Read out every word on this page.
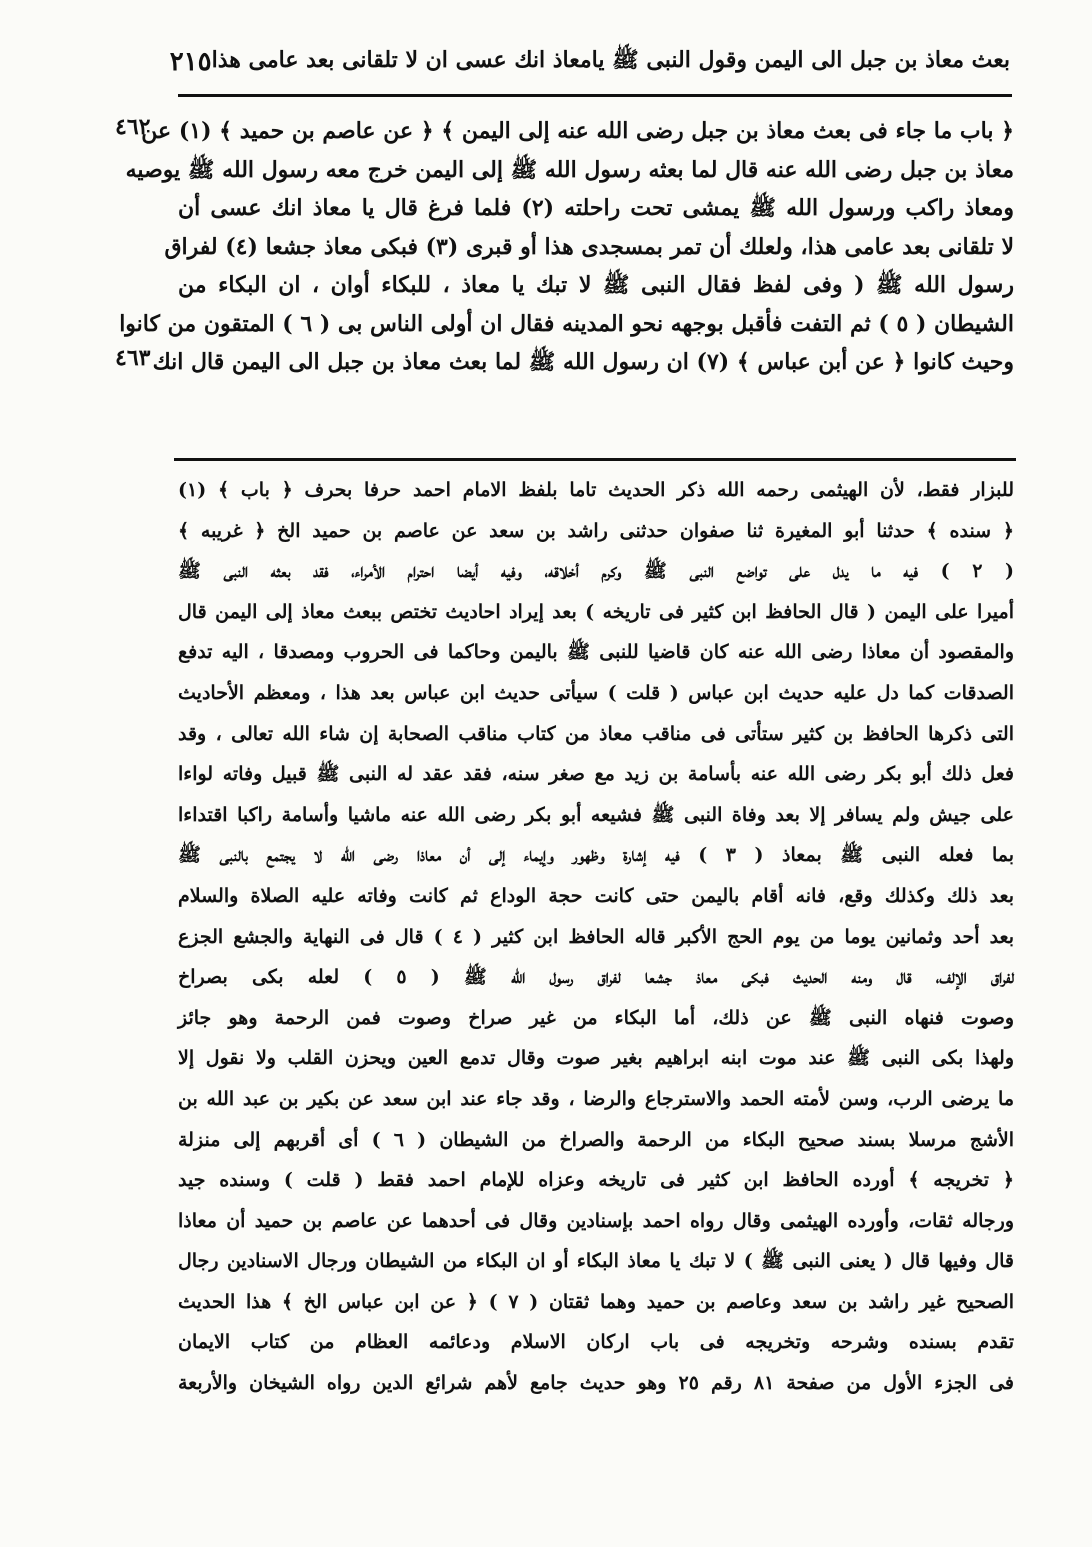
بعث معاذ بن جبل الى اليمن وقول النبى ﷺ يامعاذ انك عسى ان لا تلقانى بعد عامى هذا
٢١٥
٤٦٢
٤٦٣

﴿ باب ما جاء فى بعث معاذ بن جبل رضى الله عنه إلى اليمن ﴾ ﴿ عن عاصم بن حميد ﴾ (١) عن

معاذ بن جبل رضى الله عنه قال لما بعثه رسول الله ﷺ إلى اليمن خرج معه رسول الله ﷺ يوصيه

ومعاذ راكب ورسول الله ﷺ يمشى تحت راحلته (٢) فلما فرغ قال يا معاذ انك عسى أن

لا تلقانى بعد عامى هذا، ولعلك أن تمر بمسجدى هذا أو قبرى (٣) فبكى معاذ جشعا (٤) لفراق

رسول الله ﷺ ( وفى لفظ فقال النبى ﷺ لا تبك يا معاذ ، للبكاء أوان ، ان البكاء من

الشيطان ( ٥ ) ثم التفت فأقبل بوجهه نحو المدينه فقال ان أولى الناس بى ( ٦ ) المتقون من كانوا

وحيث كانوا ﴿ عن أبن عباس ﴾ (٧) ان رسول الله ﷺ لما بعث معاذ بن جبل الى اليمن قال انك

للبزار فقط، لأن الهيثمى رحمه الله ذكر الحديث تاما بلفظ الامام احمد حرفا بحرف ﴿ باب ﴾ (١)

﴿ سنده ﴾ حدثنا أبو المغيرة ثنا صفوان حدثنى راشد بن سعد عن عاصم بن حميد الخ ﴿ غريبه ﴾

( ٢ ) فيه ما يدل على تواضع النبى ﷺ وكرم أخلاقه، وفيه أيضا احترام الأمراء، فقد بعثه النبى ﷺ

أميرا على اليمن ( قال الحافظ ابن كثير فى تاريخه ) بعد إيراد احاديث تختص ببعث معاذ إلى اليمن قال

والمقصود أن معاذا رضى الله عنه كان قاضيا للنبى ﷺ باليمن وحاكما فى الحروب ومصدقا ، اليه تدفع

الصدقات كما دل عليه حديث ابن عباس ( قلت ) سيأتى حديث ابن عباس بعد هذا ، ومعظم الأحاديث

التى ذكرها الحافظ بن كثير ستأتى فى مناقب معاذ من كتاب مناقب الصحابة إن شاء الله تعالى ، وقد

فعل ذلك أبو بكر رضى الله عنه بأسامة بن زيد مع صغر سنه، فقد عقد له النبى ﷺ قبيل وفاته لواءا

على جيش ولم يسافر إلا بعد وفاة النبى ﷺ فشيعه أبو بكر رضى الله عنه ماشيا وأسامة راكبا اقتداءا

بما فعله النبى ﷺ بمعاذ ( ٣ ) فيه إشارة وظهور وإيماء إلى أن معاذا رضى الله لا يجتمع بالنبى ﷺ

بعد ذلك وكذلك وقع، فانه أقام باليمن حتى كانت حجة الوداع ثم كانت وفاته عليه الصلاة والسلام

بعد أحد وثمانين يوما من يوم الحج الأكبر قاله الحافظ ابن كثير ( ٤ ) قال فى النهاية والجشع الجزع

لفراق الإلف، قال ومنه الحديث فبكى معاذ جشعا لفراق رسول الله ﷺ ( ٥ ) لعله بكى بصراخ

وصوت فنهاه النبى ﷺ عن ذلك، أما البكاء من غير صراخ وصوت فمن الرحمة وهو جائز

ولهذا بكى النبى ﷺ عند موت ابنه ابراهيم بغير صوت وقال تدمع العين ويحزن القلب ولا نقول إلا

ما يرضى الرب، وسن لأمته الحمد والاسترجاع والرضا ، وقد جاء عند ابن سعد عن بكير بن عبد الله بن

الأشج مرسلا بسند صحيح البكاء من الرحمة والصراخ من الشيطان ( ٦ ) أى أقربهم إلى منزلة

﴿ تخريجه ﴾ أورده الحافظ ابن كثير فى تاريخه وعزاه للإمام احمد فقط ( قلت ) وسنده جيد

ورجاله ثقات، وأورده الهيثمى وقال رواه احمد بإسنادين وقال فى أحدهما عن عاصم بن حميد أن معاذا

قال وفيها قال ( يعنى النبى ﷺ ) لا تبك يا معاذ البكاء أو ان البكاء من الشيطان ورجال الاسنادين رجال

الصحيح غير راشد بن سعد وعاصم بن حميد وهما ثقتان ( ٧ ) ﴿ عن ابن عباس الخ ﴾ هذا الحديث

تقدم بسنده وشرحه وتخريجه فى باب اركان الاسلام ودعائمه العظام من كتاب الايمان

فى الجزء الأول من صفحة ٨١ رقم ٢٥ وهو حديث جامع لأهم شرائع الدين رواه الشيخان والأربعة
